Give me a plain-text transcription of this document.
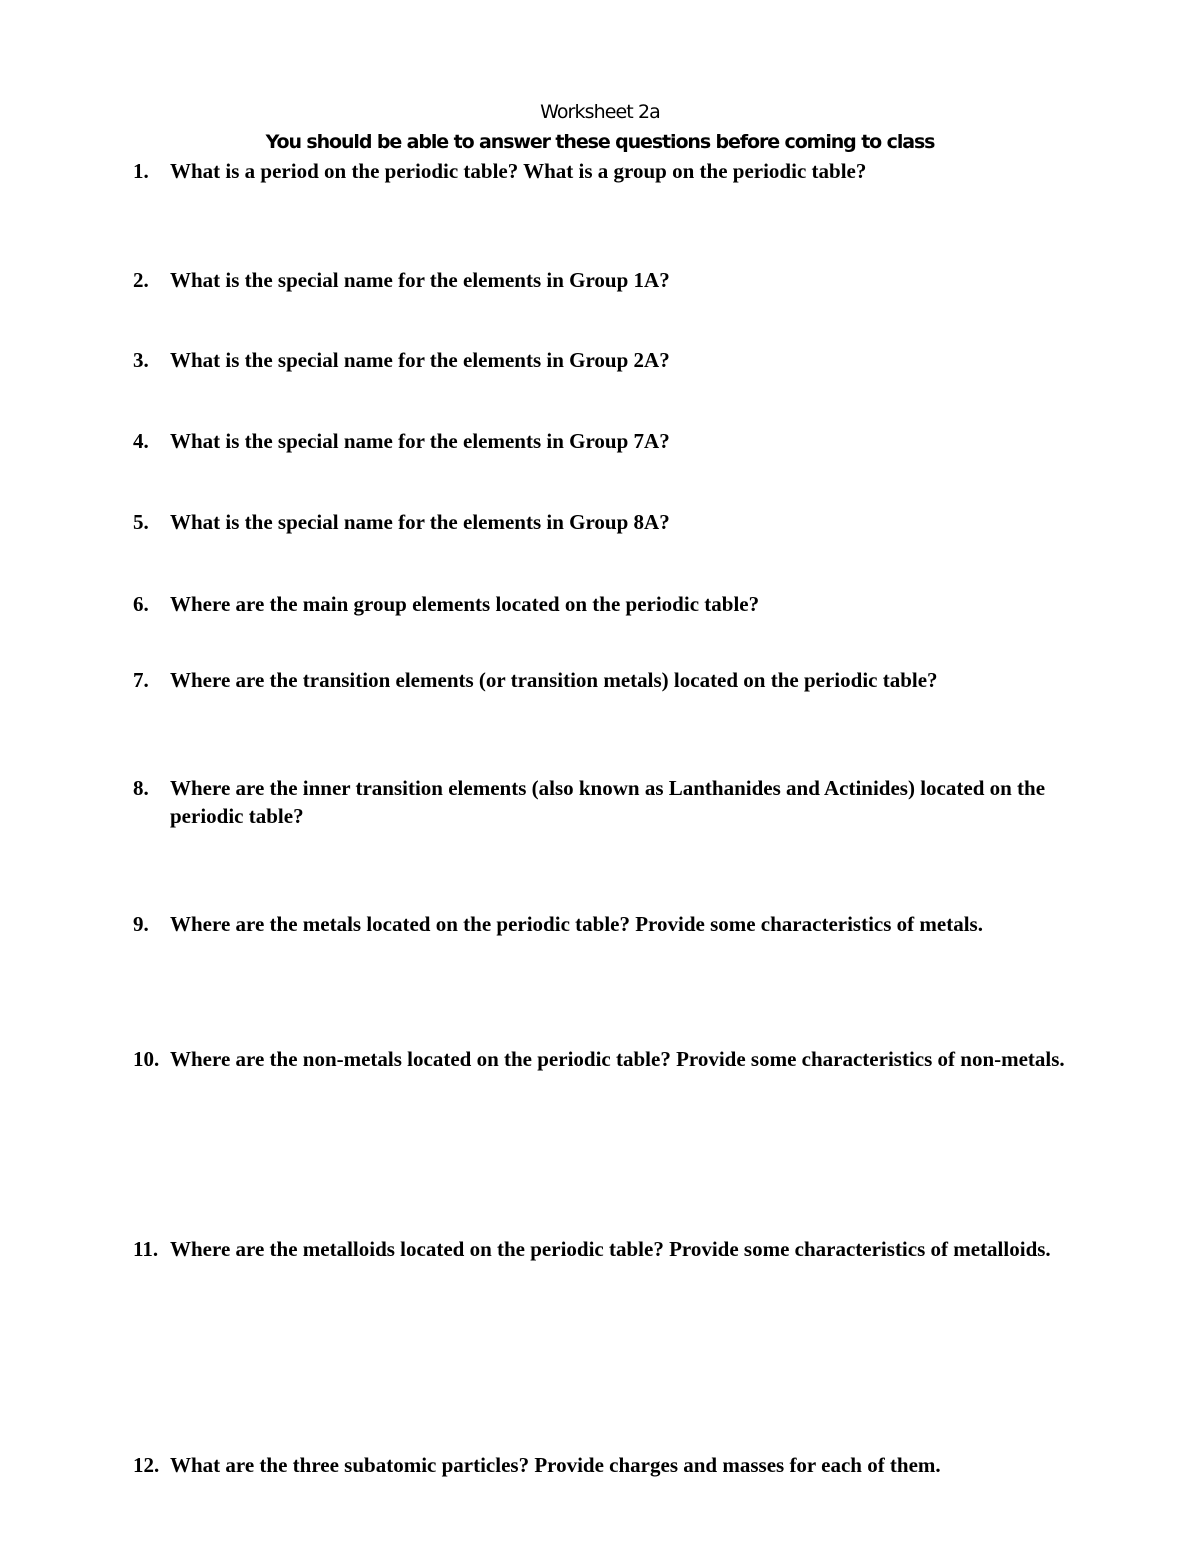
Worksheet 2a
You should be able to answer these questions before coming to class
1. What is a period on the periodic table? What is a group on the periodic table?
2. What is the special name for the elements in Group 1A?
3. What is the special name for the elements in Group 2A?
4. What is the special name for the elements in Group 7A?
5. What is the special name for the elements in Group 8A?
6. Where are the main group elements located on the periodic table?
7. Where are the transition elements (or transition metals) located on the periodic table?
8. Where are the inner transition elements (also known as Lanthanides and Actinides) located on the periodic table?
9. Where are the metals located on the periodic table? Provide some characteristics of metals.
10. Where are the non-metals located on the periodic table? Provide some characteristics of non-metals.
11. Where are the metalloids located on the periodic table? Provide some characteristics of metalloids.
12. What are the three subatomic particles? Provide charges and masses for each of them.
